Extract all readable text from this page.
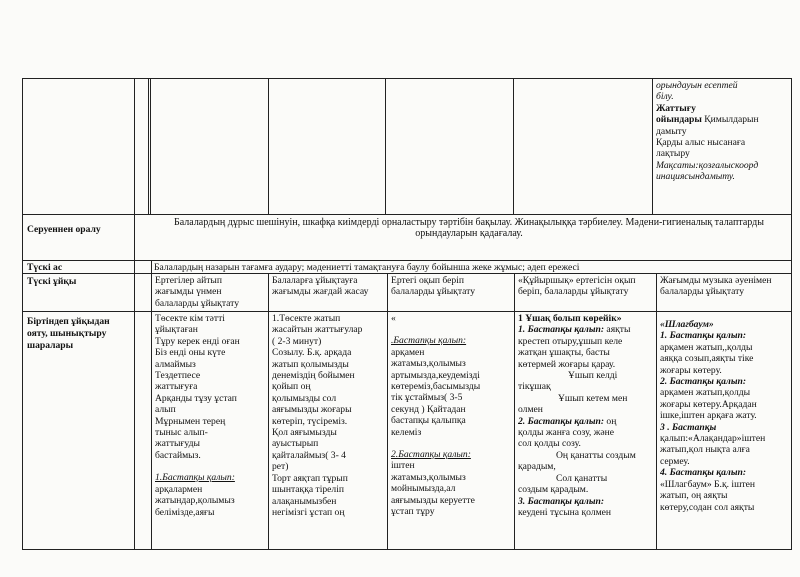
орындауын есептей

білу.

Жаттығу

ойындары Қимылдарын

дамыту

Қарды алыс нысанаға

лақтыру

Мақсаты:қозғалыскоорд

инациясындамыту.

Серуеннен оралу
Балалардың дұрыс шешінуін, шкафқа киімдерді орналастыру тәртібін бақылау. Жинақылыққа тәрбиелеу. Мәдени-гигиеналық талаптарды орындауларын қадағалау.
Түскі ас	Балалардың назарын тағамға аудару; мәдениетті тамақтануға баулу бойынша жеке жұмыс; әдеп ережесі
Түскі ұйқы	Ертегілер айтып жағымды үнмен балаларды ұйықтату
Балаларға ұйықтауға жағымды жағдай жасау
Ертегі оқып беріп балаларды ұйықтату
«Құйыршық» ертегісін оқып беріп, балаларды ұйықтату
Жағымды музыка әуенімен балаларды ұйықтату
Біртіндеп ұйқыдан ояту, шынықтыру шаралары

Төсекте кім тәтті

ұйықтаған

Тұру керек енді оған

Біз енді оны күте

алмаймыз

Тездетпесе

жаттығуға

Арқанды тұзу ұстап

алып

Мұрнымен терең

тыныс алып-

жаттығуды

бастаймыз.

1.Бастапқы қалып:

арқалармен

жатындар,қолымыз

белімізде,аяғы

1.Төсекте жатып

жасайтын жаттығулар

( 2-3 минут)

Созылу. Б.қ. арқада

жатып қолымызды

денеміздің бойымен

қойып оң

қолымызды сол

аяғымызды жоғары

көтеріп, түсіреміз.

Қол аяғымызды

ауыстырып

қайталаймыз( 3- 4

рет)

Торт аяқтап тұрып

шынтаққа тіреліп

алақанымызбен

негімізгі ұстап оң

«

.Бастапқы қалып:

арқамен

жатамыз,қолымыз

артымызда,кеудемізді

көтереміз,басымызды

тік ұстаймыз( 3-5

секунд ) Қайтадан

бастапқы қалыпқа

келеміз

2.Бастапқы қалып:

іштен

жатамыз,қолымыз

мойнымызда,ал

аяғымызды керуетте

ұстап тұру

1 Ұшақ болып көрейік»

1. Бастапқы қалып: аяқты

крестеп отыру,ұшып келе

жатқан ұшақты, басты

көтермей жоғары қарау.

Ұшып келді

тікұшақ

Ұшып кетем мен

олмен

2. Бастапқы қалып: оң

қолды жанға созу, және

сол қолды созу.

Оң қанатты создым

қарадым,

Сол қанатты

создым қарадым.

3. Бастапқы қалып:

кеудені тұсына қолмен

«Шлагбаум»

1. Бастапқы қалып:

арқамен жатып,,қолды

аяққа созып,аяқты тіке

жоғары көтеру.

2. Бастапқы қалып:

арқамен жатып,қолды

жоғары көтеру.Арқадан

ішке,іштен арқаға жату.

3 . Бастапқы

қалып:«Алақандар»іштен

жатып,қол нықта алға

сермеу.

4. Бастапқы қалып:

«Шлагбаум» Б.қ. іштен

жатып, оң аяқты

көтеру,содан сол аяқты
